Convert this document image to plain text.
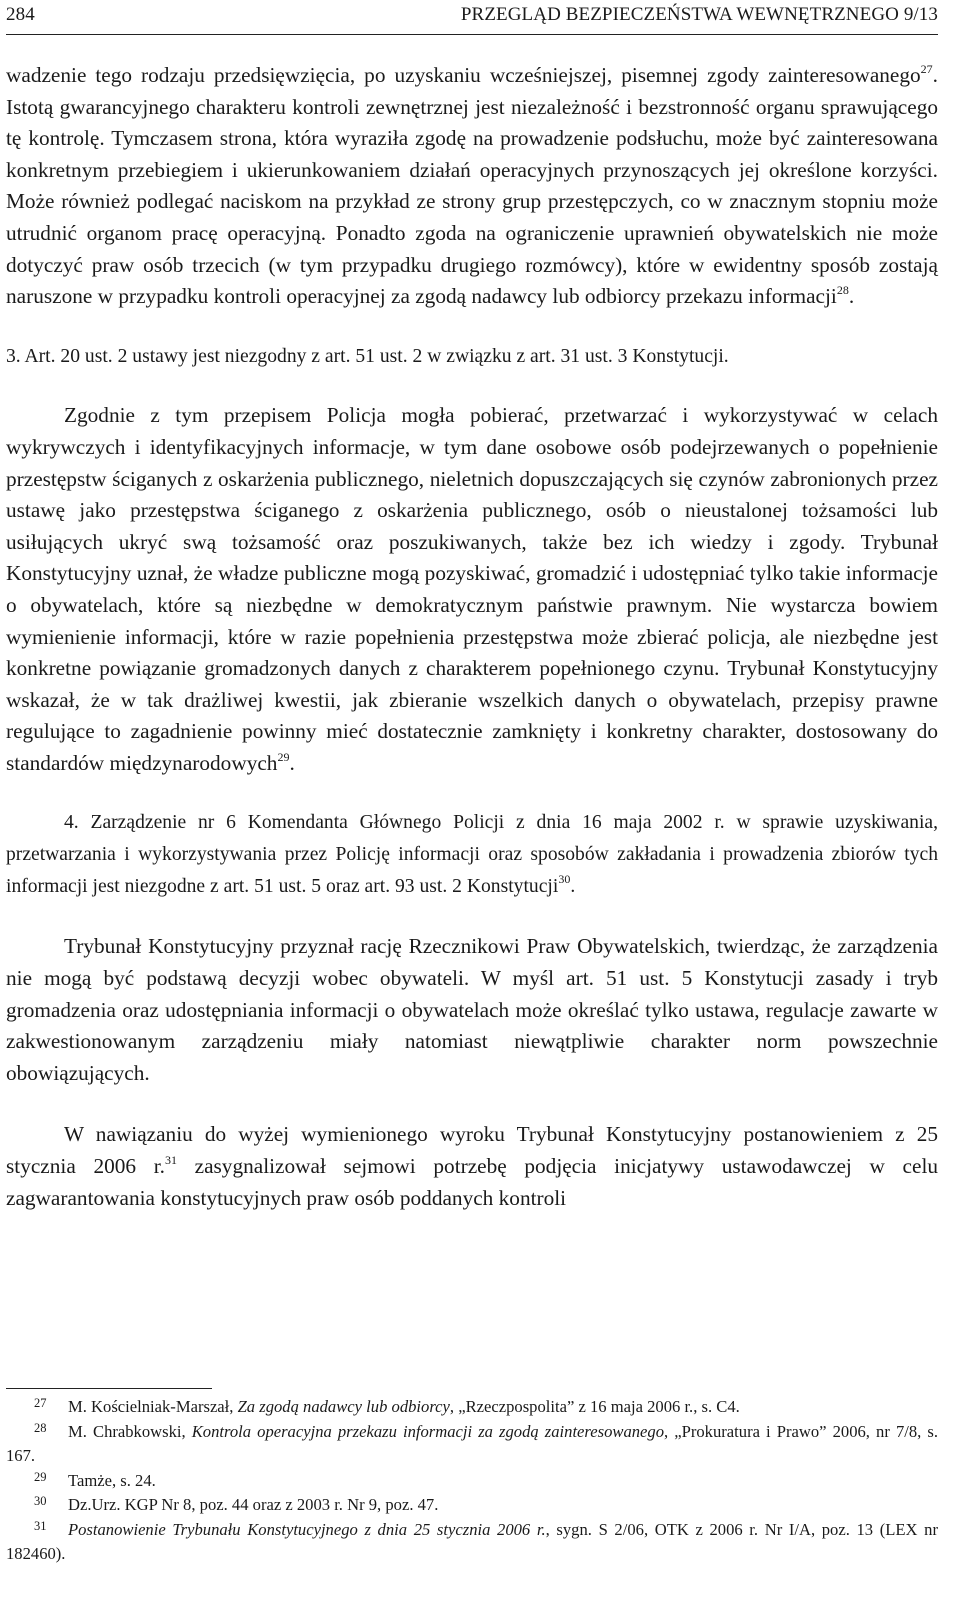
284	PRZEGLĄD BEZPIECZEŃSTWA WEWNĘTRZNEGO 9/13

wadzenie tego rodzaju przedsięwzięcia, po uzyskaniu wcześniejszej, pisemnej zgody zainteresowanego$^{27}$. Istotą gwarancyjnego charakteru kontroli zewnętrznej jest niezależność i bezstronność organu sprawującego tę kontrolę. Tymczasem strona, która wyraziła zgodę na prowadzenie podsłuchu, może być zainteresowana konkretnym przebiegiem i ukierunkowaniem działań operacyjnych przynoszących jej określone korzyści. Może również podlegać naciskom na przykład ze strony grup przestępczych, co w znacznym stopniu może utrudnić organom pracę operacyjną. Ponadto zgoda na ograniczenie uprawnień obywatelskich nie może dotyczyć praw osób trzecich (w tym przypadku drugiego rozmówcy), które w ewidentny sposób zostają naruszone w przypadku kontroli operacyjnej za zgodą nadawcy lub odbiorcy przekazu informacji$^{28}$.

3. Art. 20 ust. 2 ustawy jest niezgodny z art. 51 ust. 2 w związku z art. 31 ust. 3 Konstytucji.

Zgodnie z tym przepisem Policja mogła pobierać, przetwarzać i wykorzystywać w celach wykrywczych i identyfikacyjnych informacje, w tym dane osobowe osób podejrzewanych o popełnienie przestępstw ściganych z oskarżenia publicznego, nieletnich dopuszczających się czynów zabronionych przez ustawę jako przestępstwa ściganego z oskarżenia publicznego, osób o nieustalonej tożsamości lub usiłujących ukryć swą tożsamość oraz poszukiwanych, także bez ich wiedzy i zgody. Trybunał Konstytucyjny uznał, że władze publiczne mogą pozyskiwać, gromadzić i udostępniać tylko takie informacje o obywatelach, które są niezbędne w demokratycznym państwie prawnym. Nie wystarcza bowiem wymienienie informacji, które w razie popełnienia przestępstwa może zbierać policja, ale niezbędne jest konkretne powiązanie gromadzonych danych z charakterem popełnionego czynu. Trybunał Konstytucyjny wskazał, że w tak drażliwej kwestii, jak zbieranie wszelkich danych o obywatelach, przepisy prawne regulujące to zagadnienie powinny mieć dostatecznie zamknięty i konkretny charakter, dostosowany do standardów międzynarodowych$^{29}$.

4. Zarządzenie nr 6 Komendanta Głównego Policji z dnia 16 maja 2002 r. w sprawie uzyskiwania, przetwarzania i wykorzystywania przez Policję informacji oraz sposobów zakładania i prowadzenia zbiorów tych informacji jest niezgodne z art. 51 ust. 5 oraz art. 93 ust. 2 Konstytucji$^{30}$.

Trybunał Konstytucyjny przyznał rację Rzecznikowi Praw Obywatelskich, twierdząc, że zarządzenia nie mogą być podstawą decyzji wobec obywateli. W myśl art. 51 ust. 5 Konstytucji zasady i tryb gromadzenia oraz udostępniania informacji o obywatelach może określać tylko ustawa, regulacje zawarte w zakwestionowanym zarządzeniu miały natomiast niewątpliwie charakter norm powszechnie obowiązujących.

W nawiązaniu do wyżej wymienionego wyroku Trybunał Konstytucyjny postanowieniem z 25 stycznia 2006 r.$^{31}$ zasygnalizował sejmowi potrzebę podjęcia inicjatywy ustawodawczej w celu zagwarantowania konstytucyjnych praw osób poddanych kontroli

27 M. Kościelniak-Marszał, Za zgodą nadawcy lub odbiorcy, „Rzeczpospolita” z 16 maja 2006 r., s. C4.

28 M. Chrabkowski, Kontrola operacyjna przekazu informacji za zgodą zainteresowanego, „Prokuratura i Prawo” 2006, nr 7/8, s. 167.

29 Tamże, s. 24.

30 Dz.Urz. KGP Nr 8, poz. 44 oraz z 2003 r. Nr 9, poz. 47.

31 Postanowienie Trybunału Konstytucyjnego z dnia 25 stycznia 2006 r., sygn. S 2/06, OTK z 2006 r. Nr I/A, poz. 13 (LEX nr 182460).
